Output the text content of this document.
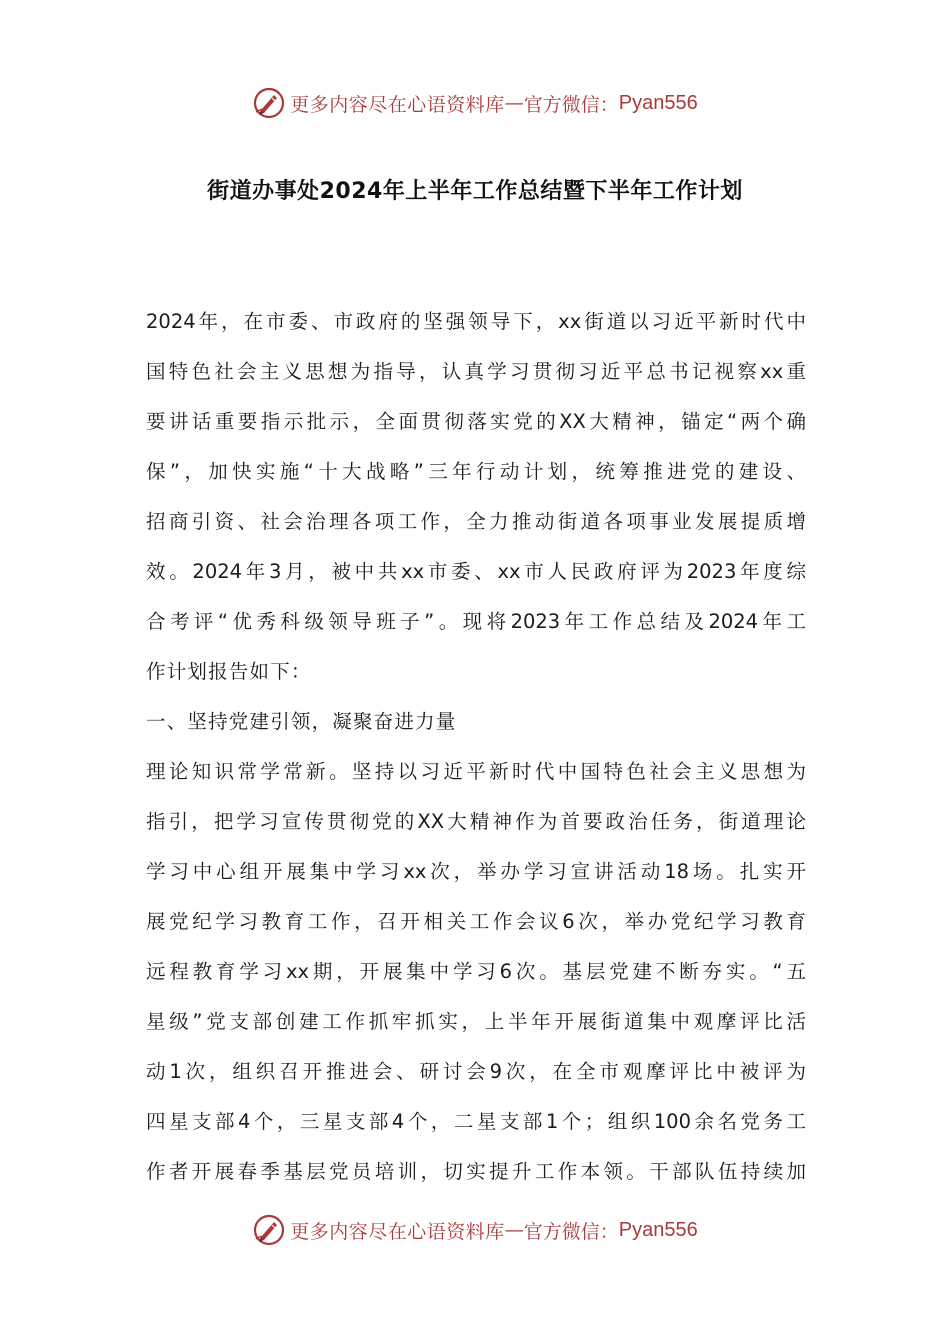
更多内容尽在心语资料库 — 官方微信： Pyan556
街道办事处2024年上半年工作总结暨下半年工作计划
2024年，在市委、市政府的坚强领导下，xx街道以习近平新时代中
国特色社会主义思想为指导，认真学习贯彻习近平总书记视察xx重
要讲话重要指示批示，全面贯彻落实党的XX大精神，锚定“两个确
保”，加快实施“十大战略”三年行动计划，统筹推进党的建设、
招商引资、社会治理各项工作，全力推动街道各项事业发展提质增
效。2024年3月，被中共xx市委、xx市人民政府评为2023年度综
合考评“优秀科级领导班子”。现将2023年工作总结及2024年工
作计划报告如下：
一、坚持党建引领，凝聚奋进力量
理论知识常学常新。坚持以习近平新时代中国特色社会主义思想为
指引，把学习宣传贯彻党的XX大精神作为首要政治任务，街道理论
学习中心组开展集中学习xx次，举办学习宣讲活动18场。扎实开
展党纪学习教育工作，召开相关工作会议6次，举办党纪学习教育
远程教育学习xx期，开展集中学习6次。基层党建不断夯实。“五
星级”党支部创建工作抓牢抓实，上半年开展街道集中观摩评比活
动1次，组织召开推进会、研讨会9次，在全市观摩评比中被评为
四星支部4个，三星支部4个，二星支部1个；组织100余名党务工
作者开展春季基层党员培训，切实提升工作本领。干部队伍持续加
更多内容尽在心语资料库 — 官方微信： Pyan556
